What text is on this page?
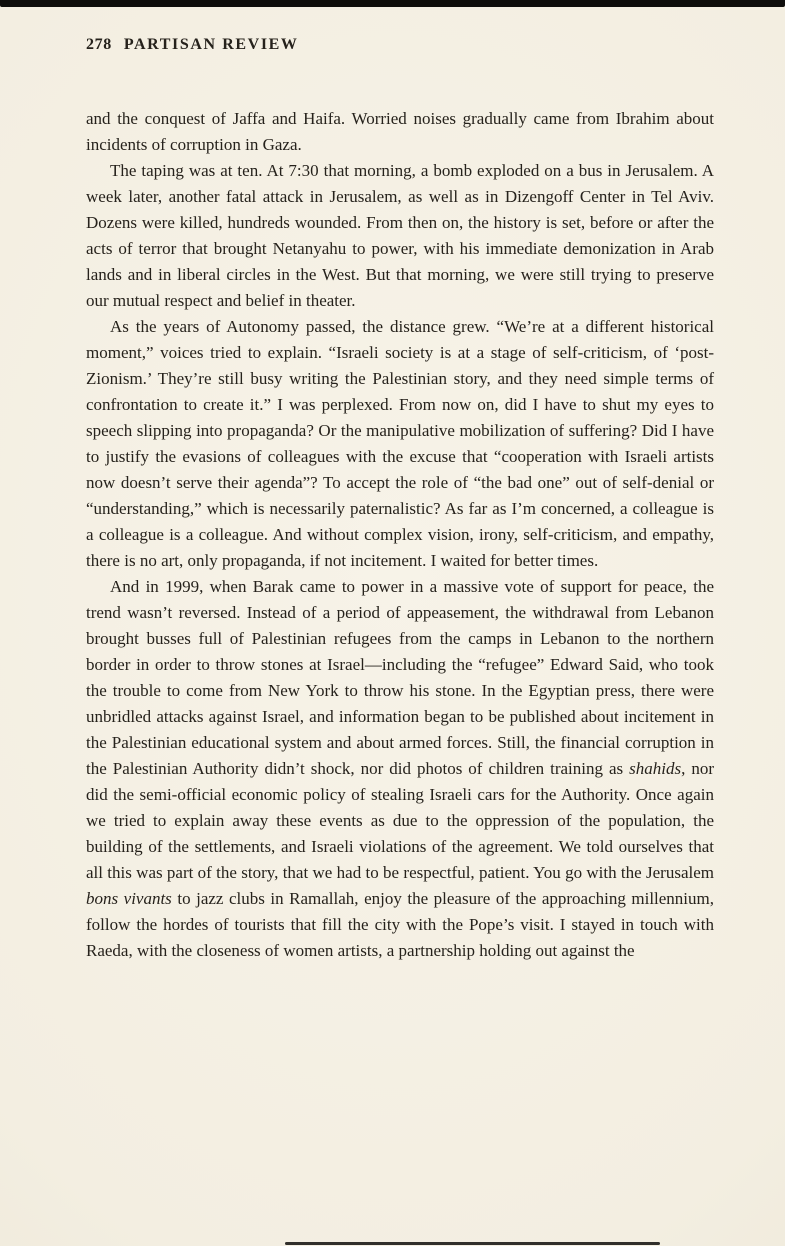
278 PARTISAN REVIEW

and the conquest of Jaffa and Haifa. Worried noises gradually came from Ibrahim about incidents of corruption in Gaza.

The taping was at ten. At 7:30 that morning, a bomb exploded on a bus in Jerusalem. A week later, another fatal attack in Jerusalem, as well as in Dizengoff Center in Tel Aviv. Dozens were killed, hundreds wounded. From then on, the history is set, before or after the acts of terror that brought Netanyahu to power, with his immediate demonization in Arab lands and in liberal circles in the West. But that morning, we were still trying to preserve our mutual respect and belief in theater.

As the years of Autonomy passed, the distance grew. “We’re at a different historical moment,” voices tried to explain. “Israeli society is at a stage of self-criticism, of ‘post-Zionism.’ They’re still busy writing the Palestinian story, and they need simple terms of confrontation to create it.” I was perplexed. From now on, did I have to shut my eyes to speech slipping into propaganda? Or the manipulative mobilization of suffering? Did I have to justify the evasions of colleagues with the excuse that “cooperation with Israeli artists now doesn’t serve their agenda”? To accept the role of “the bad one” out of self-denial or “understanding,” which is necessarily paternalistic? As far as I’m concerned, a colleague is a colleague is a colleague. And without complex vision, irony, self-criticism, and empathy, there is no art, only propaganda, if not incitement. I waited for better times.

And in 1999, when Barak came to power in a massive vote of support for peace, the trend wasn’t reversed. Instead of a period of appeasement, the withdrawal from Lebanon brought busses full of Palestinian refugees from the camps in Lebanon to the northern border in order to throw stones at Israel—including the “refugee” Edward Said, who took the trouble to come from New York to throw his stone. In the Egyptian press, there were unbridled attacks against Israel, and information began to be published about incitement in the Palestinian educational system and about armed forces. Still, the financial corruption in the Palestinian Authority didn’t shock, nor did photos of children training as shahids, nor did the semi-official economic policy of stealing Israeli cars for the Authority. Once again we tried to explain away these events as due to the oppression of the population, the building of the settlements, and Israeli violations of the agreement. We told ourselves that all this was part of the story, that we had to be respectful, patient. You go with the Jerusalem bons vivants to jazz clubs in Ramallah, enjoy the pleasure of the approaching millennium, follow the hordes of tourists that fill the city with the Pope’s visit. I stayed in touch with Raeda, with the closeness of women artists, a partnership holding out against the
